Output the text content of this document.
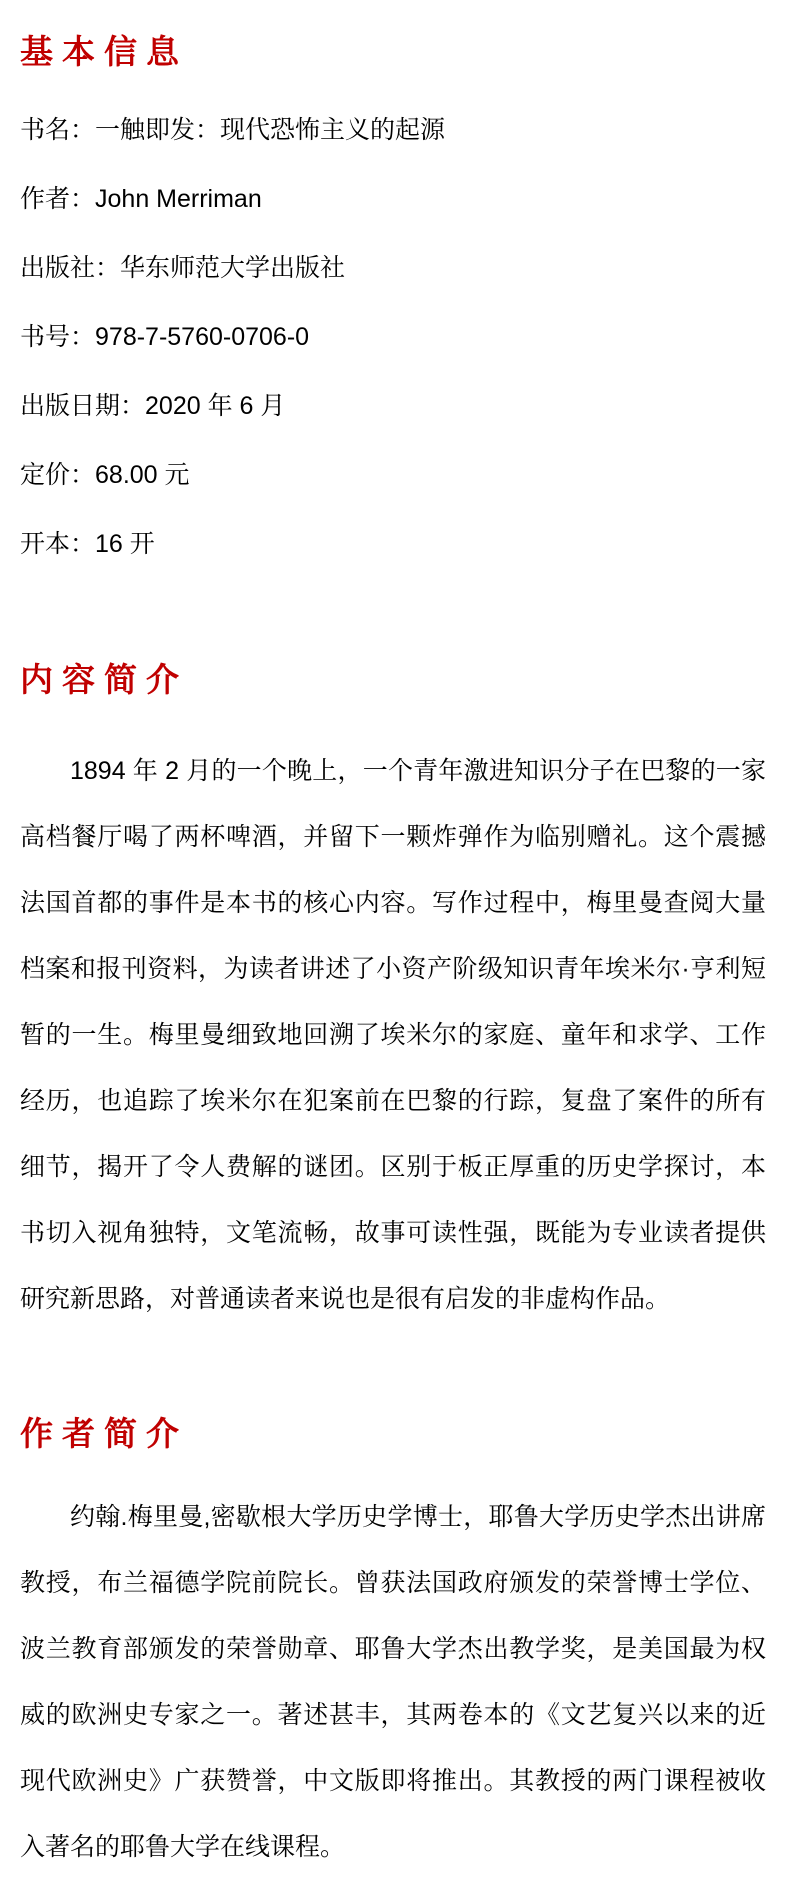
基本信息

书名：一触即发：现代恐怖主义的起源

作者：John Merriman

出版社：华东师范大学出版社

书号：978-7-5760-0706-0

出版日期：2020 年 6 月

定价：68.00 元

开本：16 开

内容简介

1894 年 2 月的一个晚上，一个青年激进知识分子在巴黎的一家高档餐厅喝了两杯啤酒，并留下一颗炸弹作为临别赠礼。这个震撼法国首都的事件是本书的核心内容。写作过程中，梅里曼查阅大量档案和报刊资料，为读者讲述了小资产阶级知识青年埃米尔·亨利短暂的一生。梅里曼细致地回溯了埃米尔的家庭、童年和求学、工作经历，也追踪了埃米尔在犯案前在巴黎的行踪，复盘了案件的所有细节，揭开了令人费解的谜团。区别于板正厚重的历史学探讨，本书切入视角独特，文笔流畅，故事可读性强，既能为专业读者提供研究新思路，对普通读者来说也是很有启发的非虚构作品。

作者简介

约翰.梅里曼,密歇根大学历史学博士，耶鲁大学历史学杰出讲席教授，布兰福德学院前院长。曾获法国政府颁发的荣誉博士学位、波兰教育部颁发的荣誉勋章、耶鲁大学杰出教学奖，是美国最为权威的欧洲史专家之一。著述甚丰，其两卷本的《文艺复兴以来的近现代欧洲史》广获赞誉，中文版即将推出。其教授的两门课程被收入著名的耶鲁大学在线课程。
